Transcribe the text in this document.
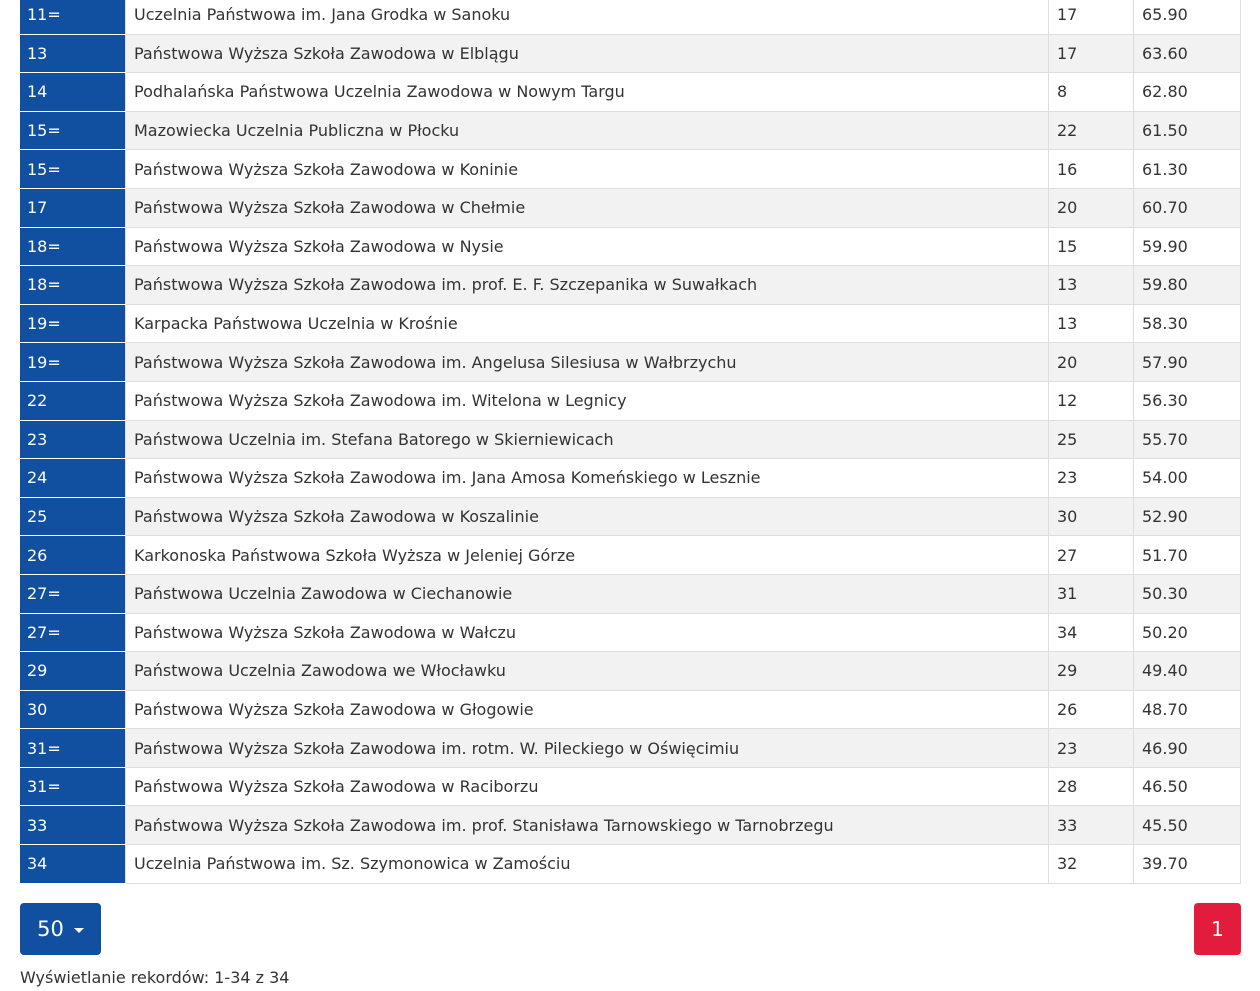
11=	Uczelnia Państwowa im. Jana Grodka w Sanoku	17	65.90
13	Państwowa Wyższa Szkoła Zawodowa w Elblągu	17	63.60
14	Podhalańska Państwowa Uczelnia Zawodowa w Nowym Targu	8	62.80
15=	Mazowiecka Uczelnia Publiczna w Płocku	22	61.50
15=	Państwowa Wyższa Szkoła Zawodowa w Koninie	16	61.30
17	Państwowa Wyższa Szkoła Zawodowa w Chełmie	20	60.70
18=	Państwowa Wyższa Szkoła Zawodowa w Nysie	15	59.90
18=	Państwowa Wyższa Szkoła Zawodowa im. prof. E. F. Szczepanika w Suwałkach	13	59.80
19=	Karpacka Państwowa Uczelnia w Krośnie	13	58.30
19=	Państwowa Wyższa Szkoła Zawodowa im. Angelusa Silesiusa w Wałbrzychu	20	57.90
22	Państwowa Wyższa Szkoła Zawodowa im. Witelona w Legnicy	12	56.30
23	Państwowa Uczelnia im. Stefana Batorego w Skierniewicach	25	55.70
24	Państwowa Wyższa Szkoła Zawodowa im. Jana Amosa Komeńskiego w Lesznie	23	54.00
25	Państwowa Wyższa Szkoła Zawodowa w Koszalinie	30	52.90
26	Karkonoska Państwowa Szkoła Wyższa w Jeleniej Górze	27	51.70
27=	Państwowa Uczelnia Zawodowa w Ciechanowie	31	50.30
27=	Państwowa Wyższa Szkoła Zawodowa w Wałczu	34	50.20
29	Państwowa Uczelnia Zawodowa we Włocławku	29	49.40
30	Państwowa Wyższa Szkoła Zawodowa w Głogowie	26	48.70
31=	Państwowa Wyższa Szkoła Zawodowa im. rotm. W. Pileckiego w Oświęcimiu	23	46.90
31=	Państwowa Wyższa Szkoła Zawodowa w Raciborzu	28	46.50
33	Państwowa Wyższa Szkoła Zawodowa im. prof. Stanisława Tarnowskiego w Tarnobrzegu	33	45.50
34	Uczelnia Państwowa im. Sz. Szymonowica w Zamościu	32	39.70
50	1
Wyświetlanie rekordów: 1-34 z 34
